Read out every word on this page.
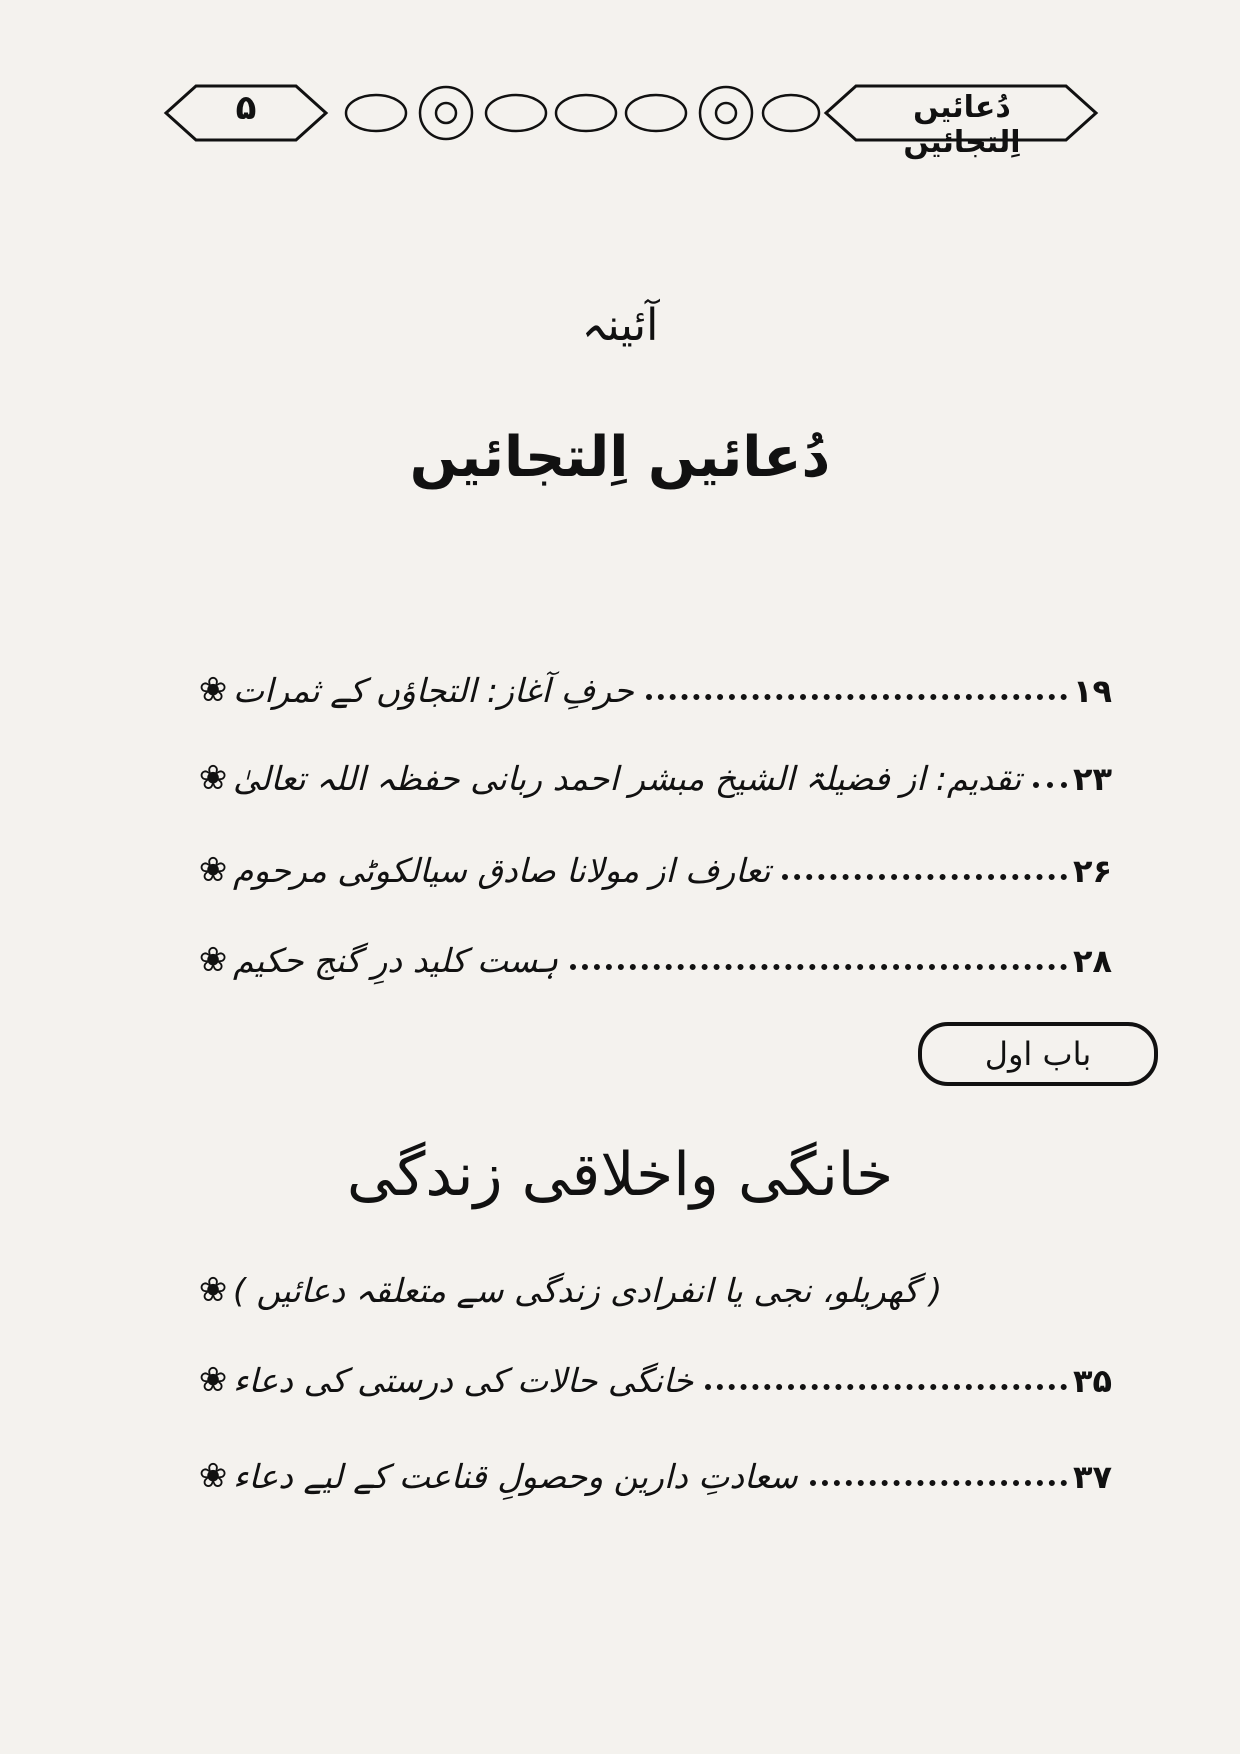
۵	دُعائیں اِلتجائیں
آئینہ
دُعائیں اِلتجائیں
❀ حرفِ آغاز: التجاؤں کے ثمرات	۱۹
❀ تقدیم: از فضیلۃ الشیخ مبشر احمد ربانی حفظہ اللہ تعالیٰ ۲۳
❀ تعارف از مولانا صادق سیالکوٹی مرحوم	۲۶
❀ ہست کلید درِ گنج حکیم	۲۸
باب اول
خانگی واخلاقی زندگی
❀ ( گھریلو، نجی یا انفرادی زندگی سے متعلقہ دعائیں )
❀ خانگی حالات کی درستی کی دعاء	۳۵
❀ سعادتِ دارین وحصولِ قناعت کے لیے دعاء	۳۷
